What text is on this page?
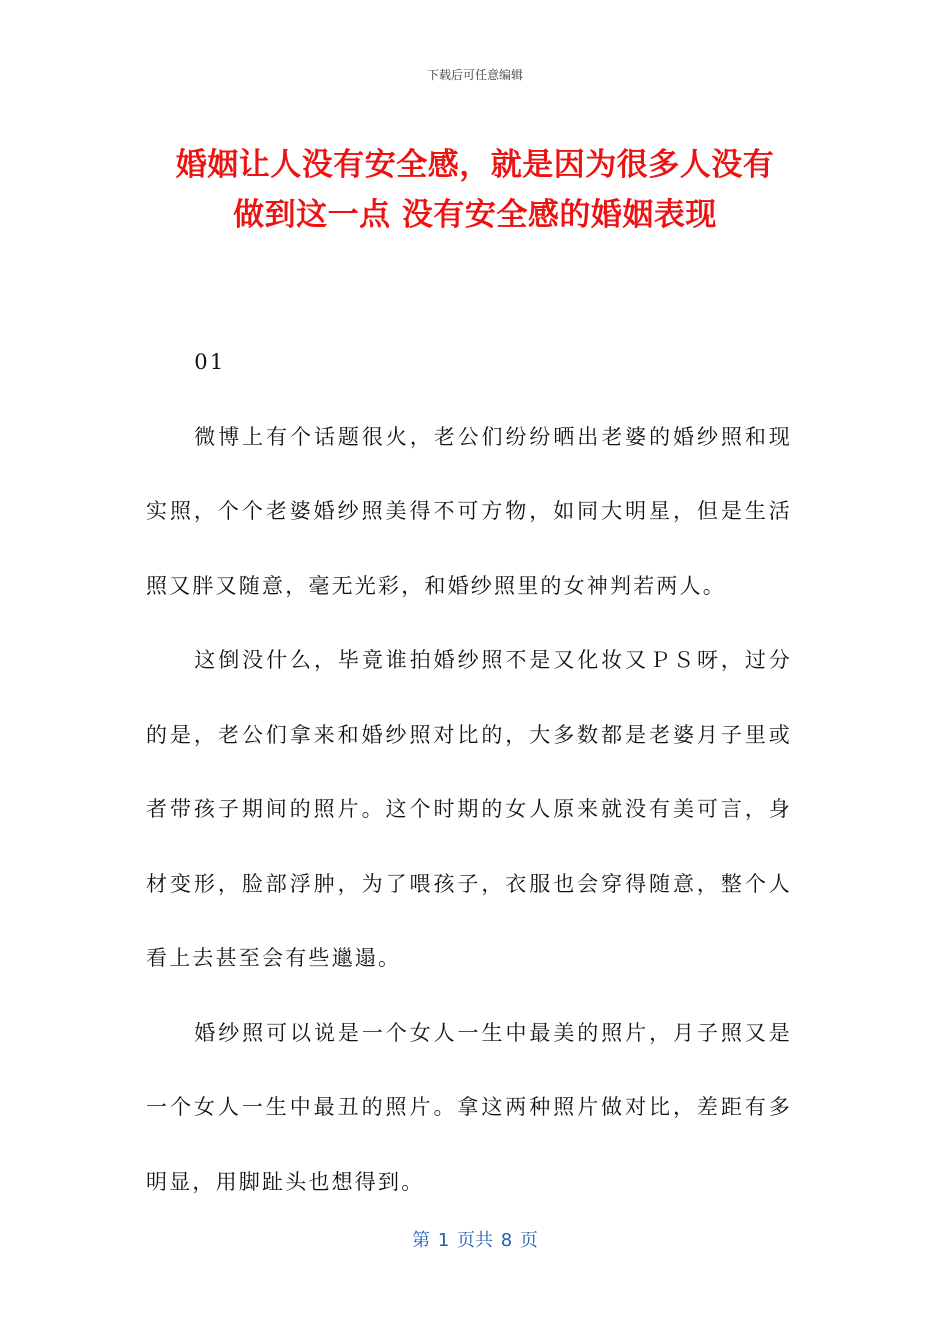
下载后可任意编辑
婚姻让人没有安全感，就是因为很多人没有
做到这一点 没有安全感的婚姻表现

01

微博上有个话题很火，老公们纷纷晒出老婆的婚纱照和现实照，个个老婆婚纱照美得不可方物，如同大明星，但是生活照又胖又随意，毫无光彩，和婚纱照里的女神判若两人。

这倒没什么，毕竟谁拍婚纱照不是又化妆又ＰＳ呀，过分的是，老公们拿来和婚纱照对比的，大多数都是老婆月子里或者带孩子期间的照片。这个时期的女人原来就没有美可言，身材变形，脸部浮肿，为了喂孩子，衣服也会穿得随意，整个人看上去甚至会有些邋遢。

婚纱照可以说是一个女人一生中最美的照片，月子照又是一个女人一生中最丑的照片。拿这两种照片做对比，差距有多明显，用脚趾头也想得到。

第 1 页共 8 页
